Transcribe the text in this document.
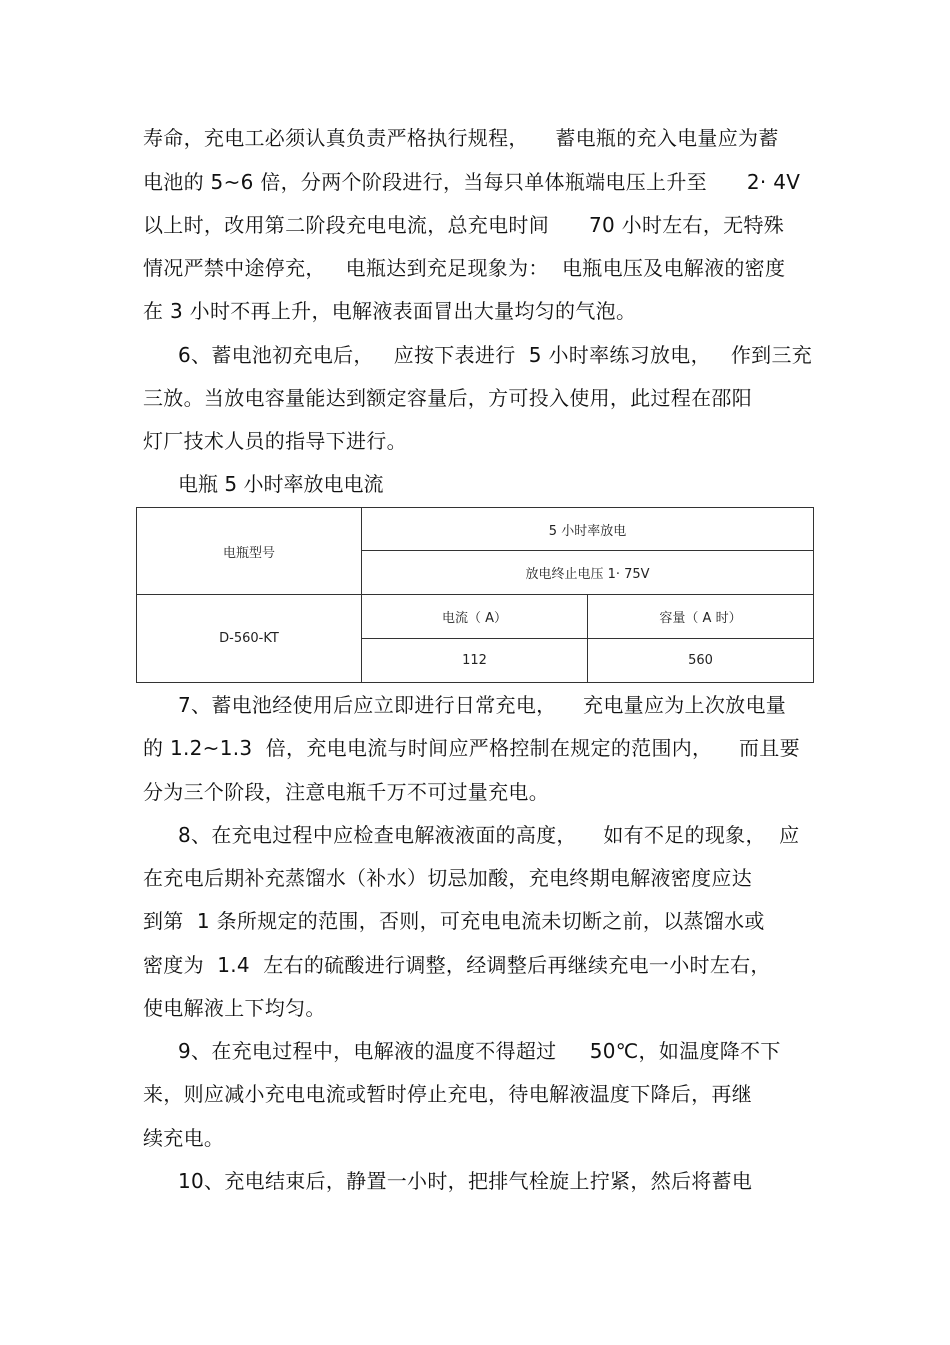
寿命，充电工必须认真负责严格执行规程，    蓄电瓶的充入电量应为蓄
电池的 5~6 倍，分两个阶段进行，当每只单体瓶端电压上升至      2· 4V
以上时，改用第二阶段充电电流，总充电时间      70 小时左右，无特殊
情况严禁中途停充，   电瓶达到充足现象为：  电瓶电压及电解液的密度
在 3 小时不再上升，电解液表面冒出大量均匀的气泡。
6、蓄电池初充电后，   应按下表进行  5 小时率练习放电，   作到三充
三放。当放电容量能达到额定容量后，方可投入使用，此过程在邵阳
灯厂技术人员的指导下进行。
电瓶 5 小时率放电电流
电瓶型号	5 小时率放电	
	放电终止电压 1· 75V	
D-560-KT	电流（ A）	容量（ A 时）
	112	560
7、蓄电池经使用后应立即进行日常充电，    充电量应为上次放电量
的 1.2~1.3  倍，充电电流与时间应严格控制在规定的范围内，    而且要
分为三个阶段，注意电瓶千万不可过量充电。
8、在充电过程中应检查电解液液面的高度，    如有不足的现象，  应
在充电后期补充蒸馏水（补水）切忌加酸，充电终期电解液密度应达
到第  1 条所规定的范围，否则，可充电电流未切断之前，以蒸馏水或
密度为  1.4  左右的硫酸进行调整，经调整后再继续充电一小时左右，
使电解液上下均匀。
9、在充电过程中，电解液的温度不得超过     50℃，如温度降不下
来，则应减小充电电流或暂时停止充电，待电解液温度下降后，再继
续充电。
10、充电结束后，静置一小时，把排气栓旋上拧紧，然后将蓄电
